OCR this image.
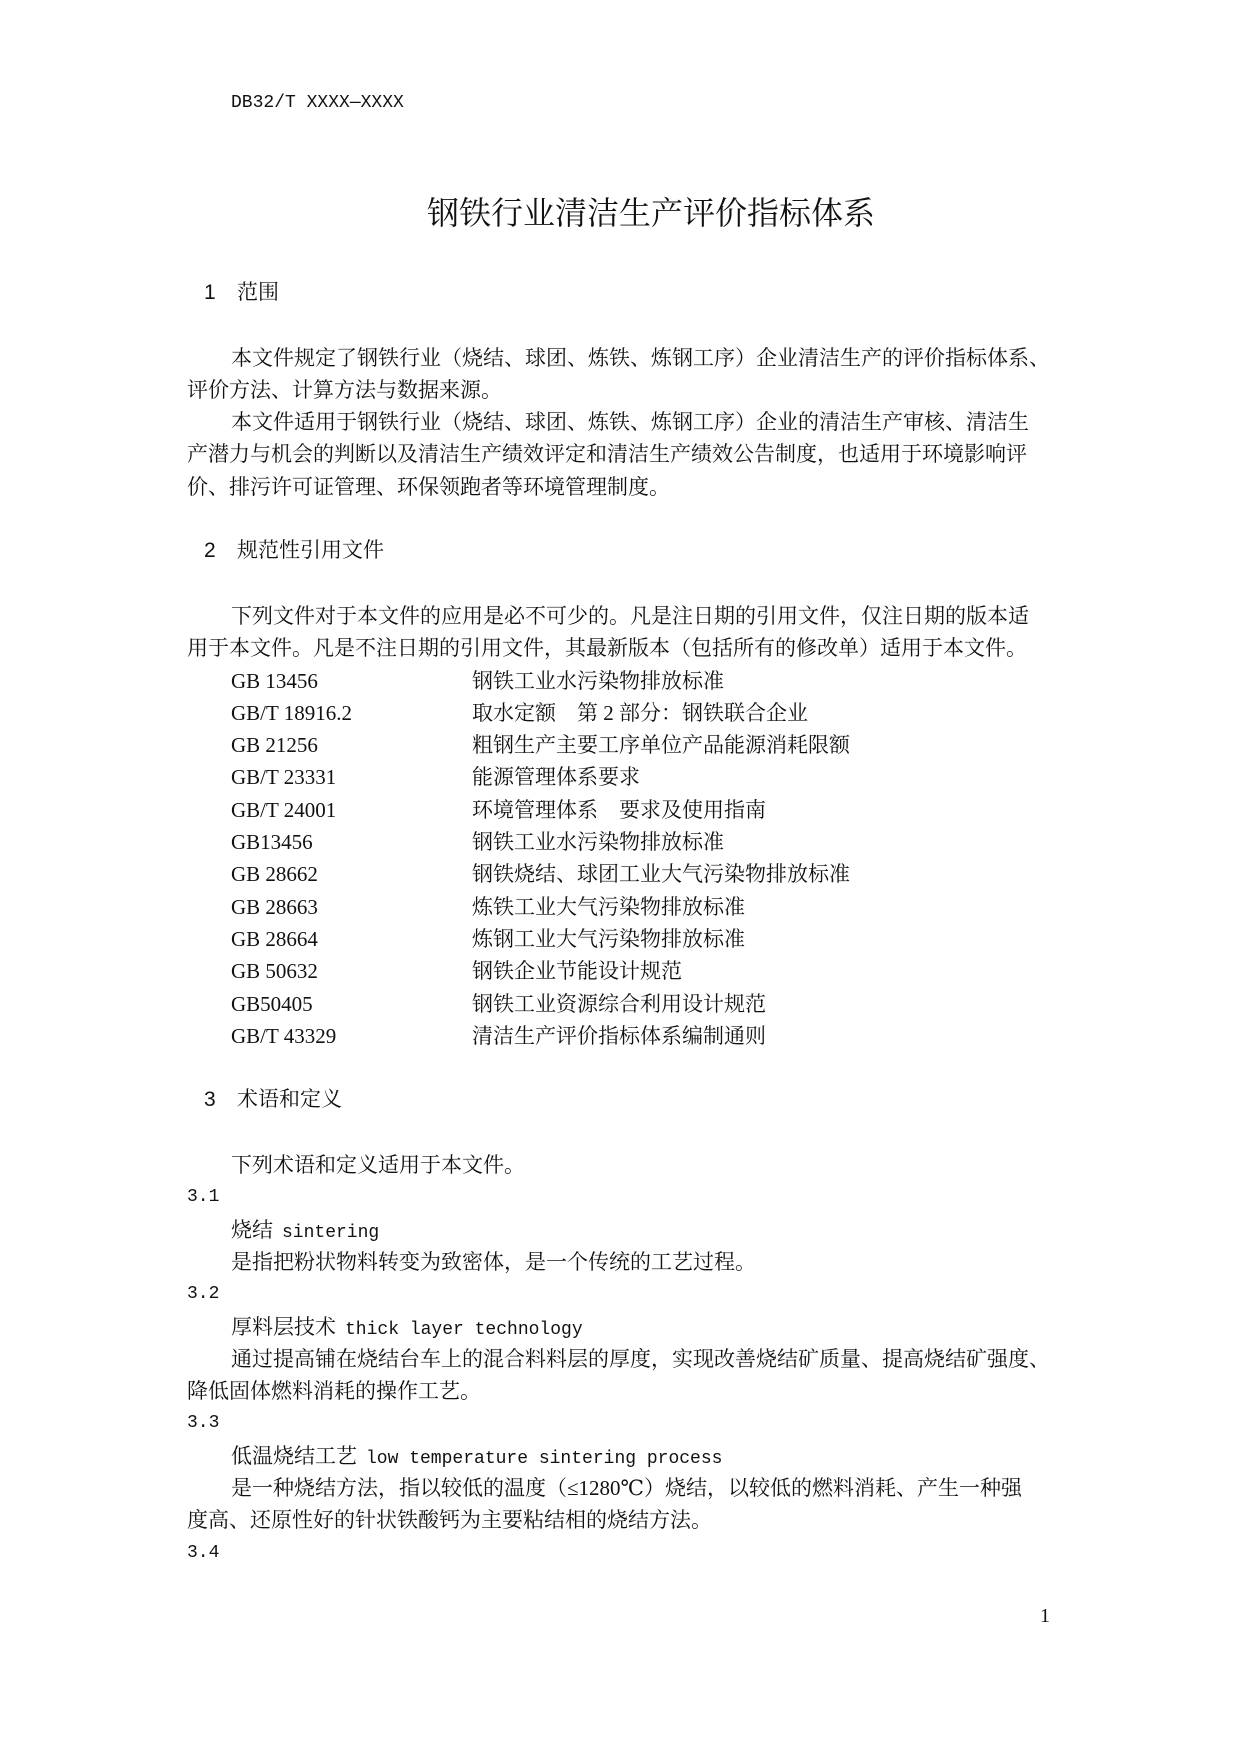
DB32/T XXXX—XXXX
钢铁行业清洁生产评价指标体系
1 范围
本文件规定了钢铁行业（烧结、球团、炼铁、炼钢工序）企业清洁生产的评价指标体系、
评价方法、计算方法与数据来源。
本文件适用于钢铁行业（烧结、球团、炼铁、炼钢工序）企业的清洁生产审核、清洁生
产潜力与机会的判断以及清洁生产绩效评定和清洁生产绩效公告制度，也适用于环境影响评
价、排污许可证管理、环保领跑者等环境管理制度。
2 规范性引用文件
下列文件对于本文件的应用是必不可少的。凡是注日期的引用文件，仅注日期的版本适
用于本文件。凡是不注日期的引用文件，其最新版本（包括所有的修改单）适用于本文件。
GB 13456	钢铁工业水污染物排放标准
GB/T 18916.2	取水定额　第 2 部分：钢铁联合企业
GB 21256	粗钢生产主要工序单位产品能源消耗限额
GB/T 23331	能源管理体系要求
GB/T 24001	环境管理体系　要求及使用指南
GB13456	钢铁工业水污染物排放标准
GB 28662	钢铁烧结、球团工业大气污染物排放标准
GB 28663	炼铁工业大气污染物排放标准
GB 28664	炼钢工业大气污染物排放标准
GB 50632	钢铁企业节能设计规范
GB50405	钢铁工业资源综合利用设计规范
GB/T 43329	清洁生产评价指标体系编制通则
3 术语和定义
下列术语和定义适用于本文件。
3.1
烧结 sintering
是指把粉状物料转变为致密体，是一个传统的工艺过程。
3.2
厚料层技术 thick layer technology
通过提高铺在烧结台车上的混合料料层的厚度，实现改善烧结矿质量、提高烧结矿强度、
降低固体燃料消耗的操作工艺。
3.3
低温烧结工艺 low temperature sintering process
是一种烧结方法，指以较低的温度（≤1280℃）烧结，以较低的燃料消耗、产生一种强
度高、还原性好的针状铁酸钙为主要粘结相的烧结方法。
3.4
1
